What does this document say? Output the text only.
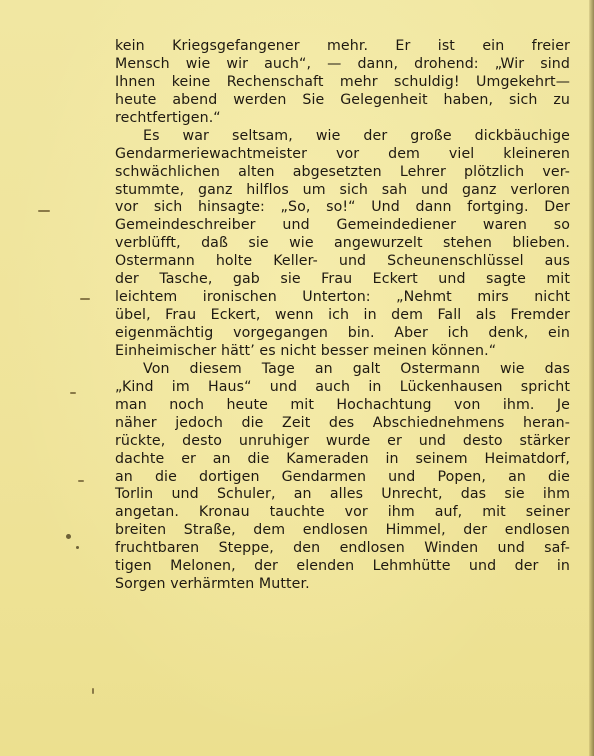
kein Kriegsgefangener mehr. Er ist ein freier
Mensch wie wir auch“, — dann, drohend: „Wir sind
Ihnen keine Rechenschaft mehr schuldig! Umgekehrt—
heute abend werden Sie Gelegenheit haben, sich zu
rechtfertigen.“
Es war seltsam, wie der große dickbäuchige
Gendarmeriewachtmeister vor dem viel kleineren
schwächlichen alten abgesetzten Lehrer plötzlich ver-
stummte, ganz hilflos um sich sah und ganz verloren
vor sich hinsagte: „So, so!“ Und dann fortging. Der
Gemeindeschreiber und Gemeindediener waren so
verblüfft, daß sie wie angewurzelt stehen blieben.
Ostermann holte Keller- und Scheunenschlüssel aus
der Tasche, gab sie Frau Eckert und sagte mit
leichtem ironischen Unterton: „Nehmt mirs nicht
übel, Frau Eckert, wenn ich in dem Fall als Fremder
eigenmächtig vorgegangen bin. Aber ich denk, ein
Einheimischer hätt’ es nicht besser meinen können.“
Von diesem Tage an galt Ostermann wie das
„Kind im Haus“ und auch in Lückenhausen spricht
man noch heute mit Hochachtung von ihm. Je
näher jedoch die Zeit des Abschiednehmens heran-
rückte, desto unruhiger wurde er und desto stärker
dachte er an die Kameraden in seinem Heimatdorf,
an die dortigen Gendarmen und Popen, an die
Torlin und Schuler, an alles Unrecht, das sie ihm
angetan. Kronau tauchte vor ihm auf, mit seiner
breiten Straße, dem endlosen Himmel, der endlosen
fruchtbaren Steppe, den endlosen Winden und saf-
tigen Melonen, der elenden Lehmhütte und der in
Sorgen verhärmten Mutter.
